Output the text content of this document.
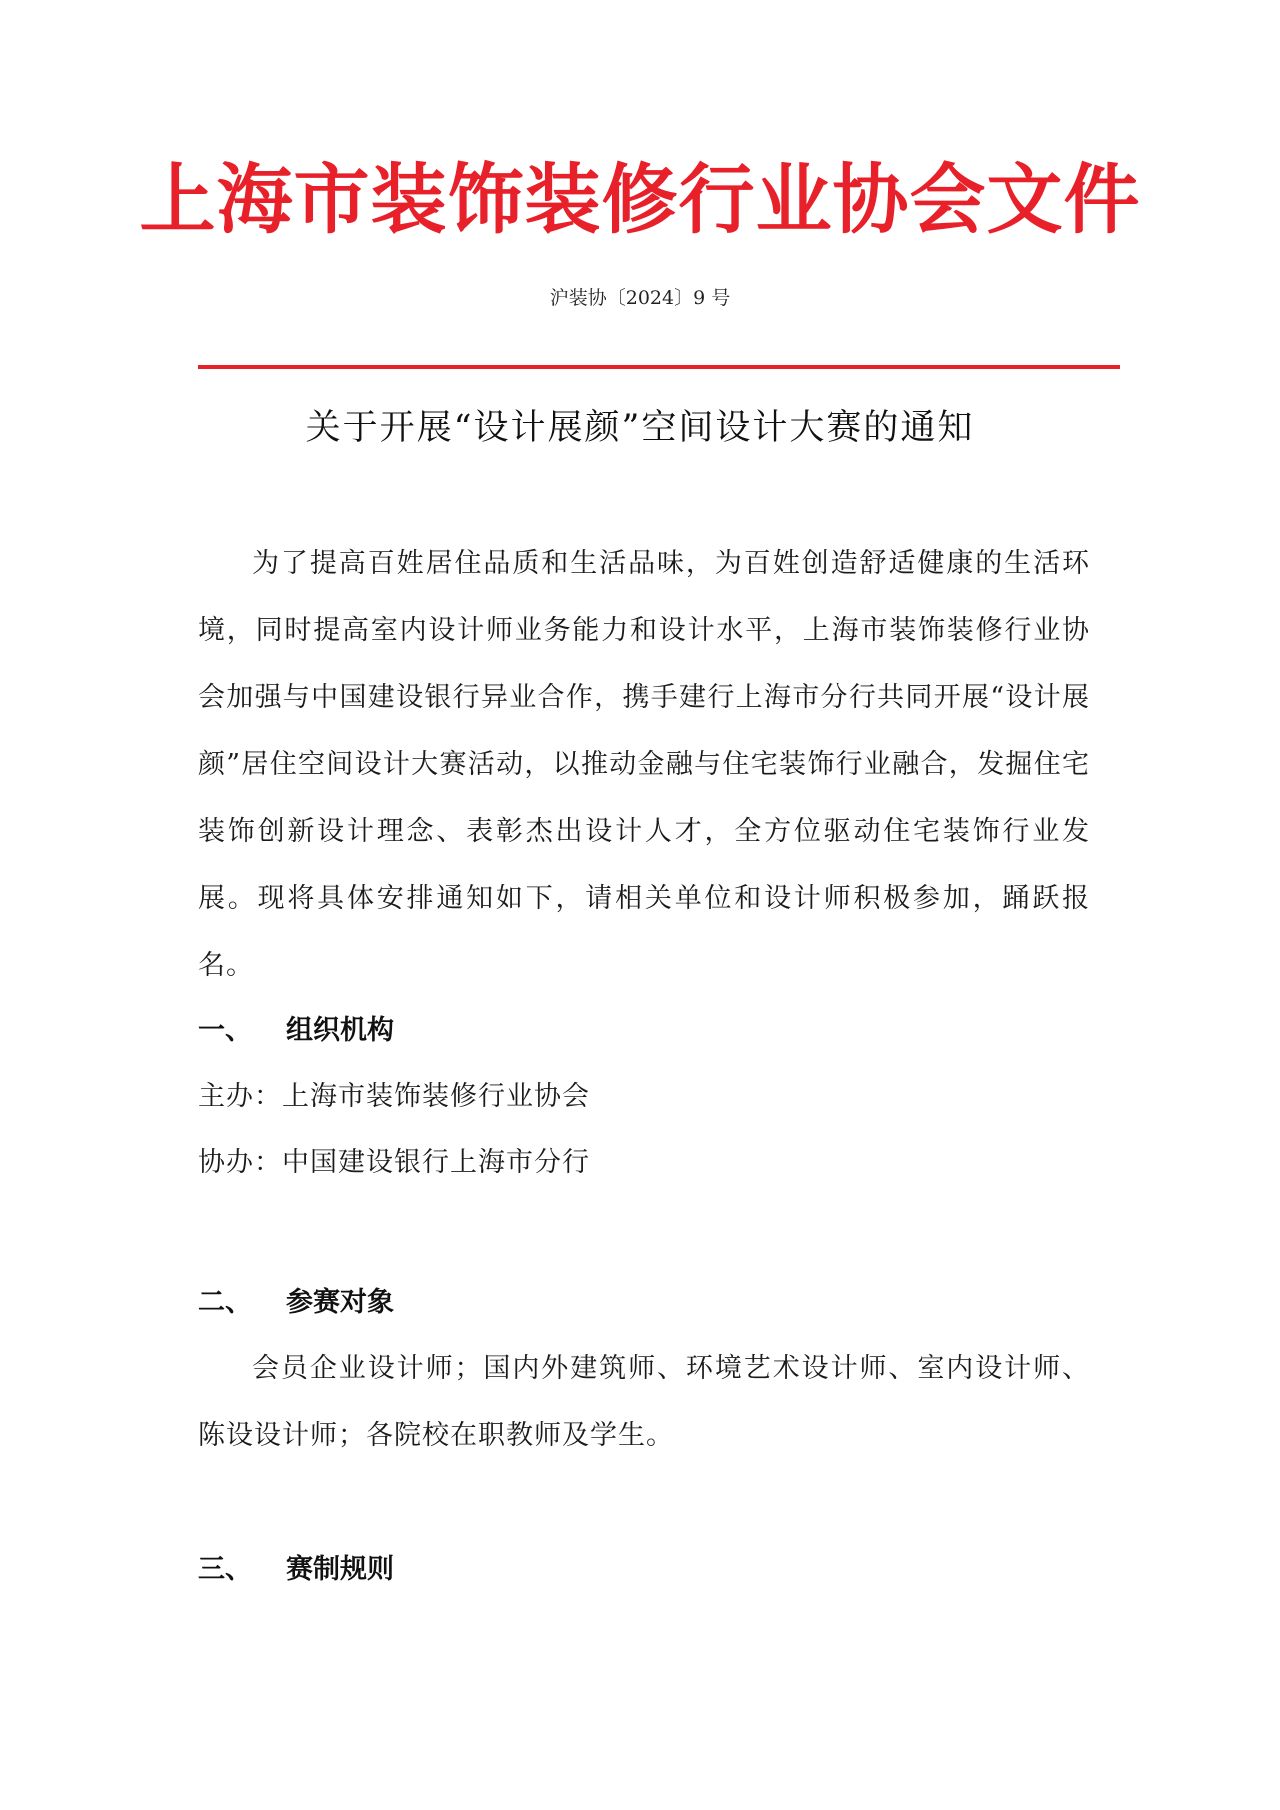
上海市装饰装修行业协会文件
沪装协〔2024〕9 号
关于开展“设计展颜”空间设计大赛的通知

为了提高百姓居住品质和生活品味，为百姓创造舒适健康的生活环境，同时提高室内设计师业务能力和设计水平，上海市装饰装修行业协会加强与中国建设银行异业合作，携手建行上海市分行共同开展“设计展颜”居住空间设计大赛活动，以推动金融与住宅装饰行业融合，发掘住宅装饰创新设计理念、表彰杰出设计人才，全方位驱动住宅装饰行业发展。现将具体安排通知如下，请相关单位和设计师积极参加，踊跃报名。

一、 组织机构
主办：上海市装饰装修行业协会
协办：中国建设银行上海市分行
二、 参赛对象

会员企业设计师；国内外建筑师、环境艺术设计师、室内设计师、陈设设计师；各院校在职教师及学生。

三、 赛制规则
